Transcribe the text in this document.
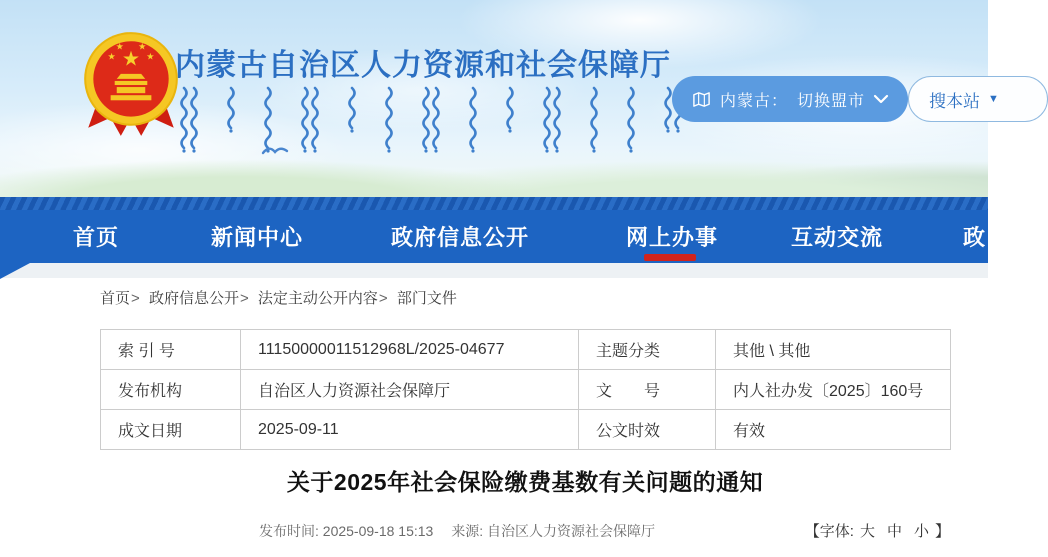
★
★
★ ★
★ 内蒙古自治区人力资源和社会保障厅
内蒙古： 切换盟市	搜本站 ▼
首页	新闻中心	政府信息公开	网上办事	互动交流	政
首页> 政府信息公开> 法定主动公开内容> 部门文件
索 引 号	11150000011512968L/2025-04677	主题分类	其他 \ 其他
发布机构	自治区人力资源社会保障厅	文　　号	内人社办发〔2025〕160号
成文日期	2025-09-11	公文时效	有效
关于2025年社会保险缴费基数有关问题的通知
发布时间: 2025-09-18 15:13 来源: 自治区人力资源社会保障厅	【字体: 大 中 小 】
